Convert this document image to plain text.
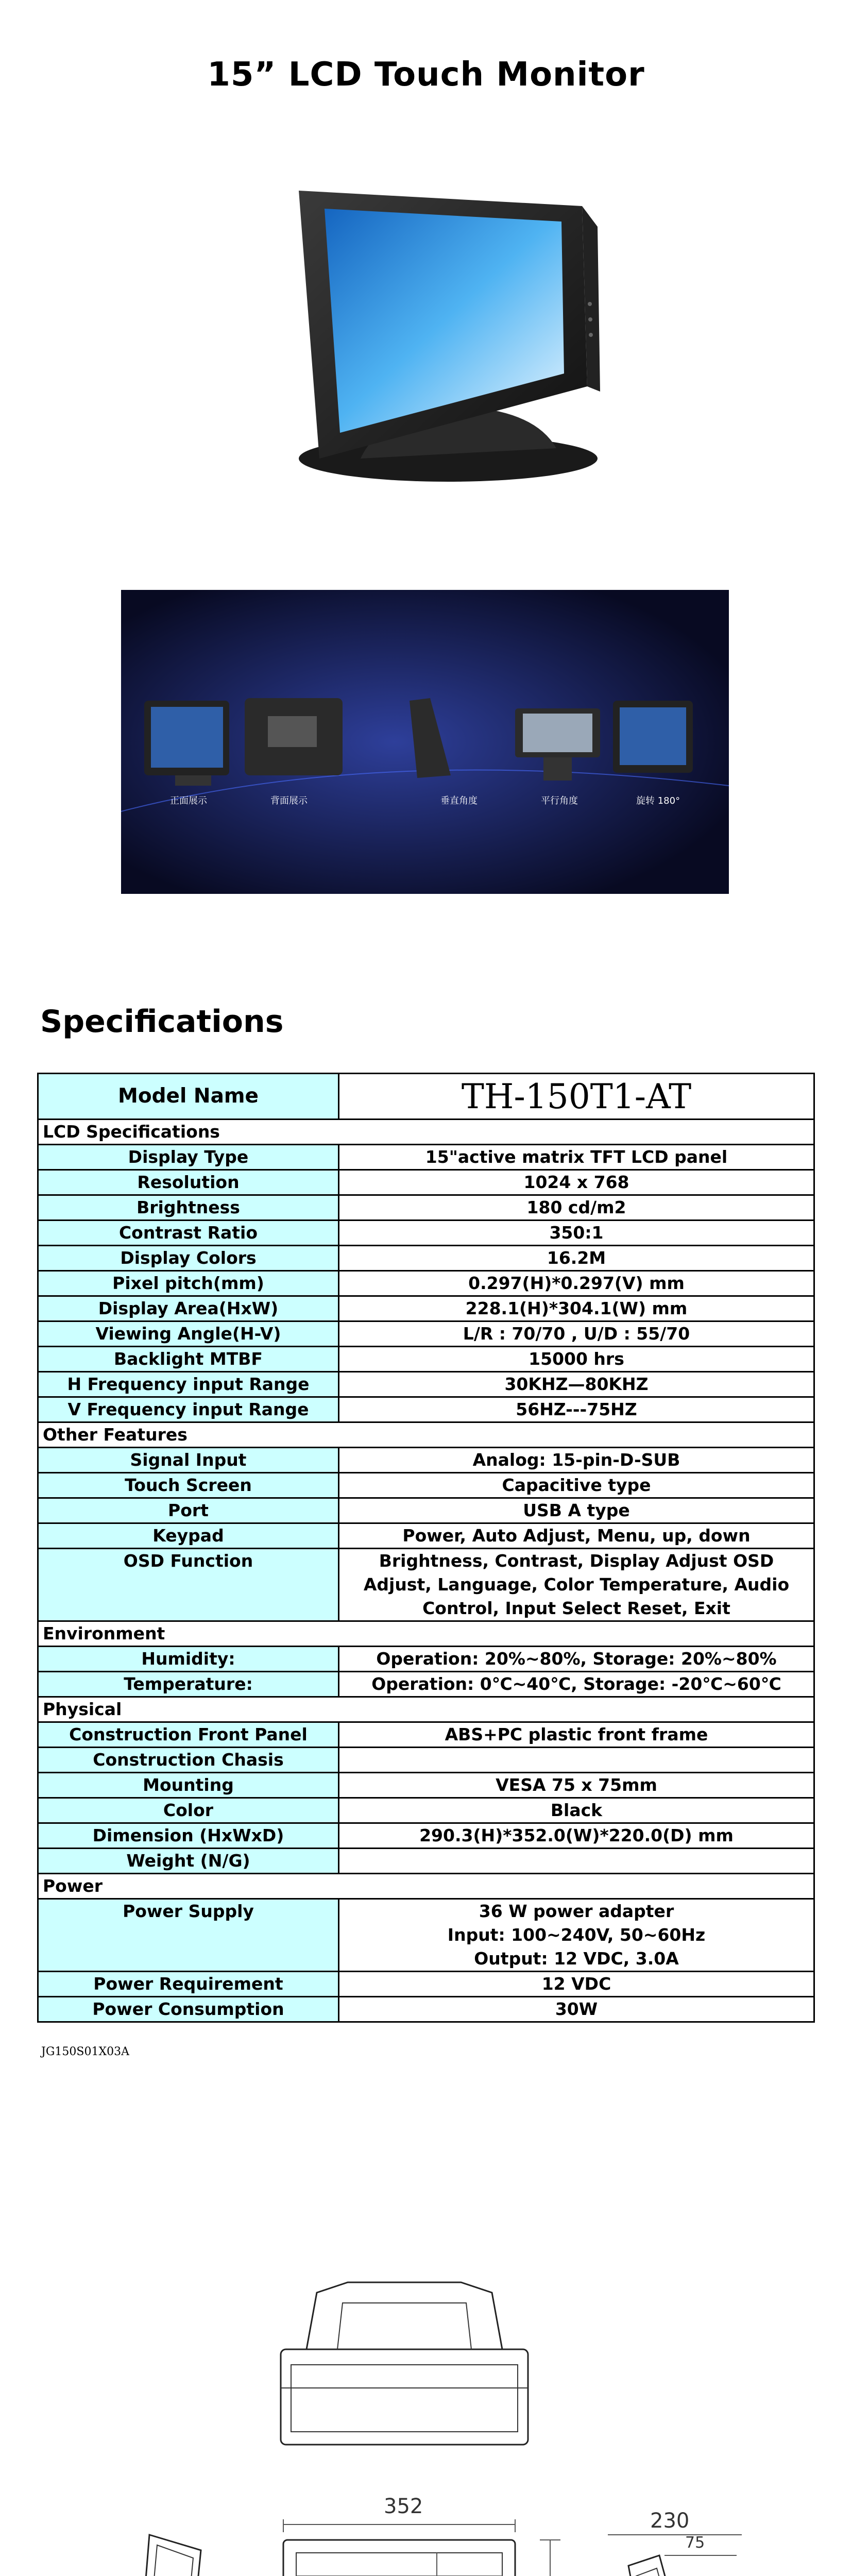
15” LCD Touch Monitor
正面展示	背面展示	垂直角度	平行角度	旋转 180°
Specifications
Model Name	TH-150T1-AT
LCD Specifications	
Display Type	15"active matrix TFT LCD panel
Resolution	1024 x 768
Brightness	180 cd/m2
Contrast Ratio	350:1
Display Colors	16.2M
Pixel pitch(mm)	0.297(H)*0.297(V) mm
Display Area(HxW)	228.1(H)*304.1(W) mm
Viewing Angle(H-V)	L/R : 70/70 , U/D : 55/70
Backlight MTBF	15000 hrs
H Frequency input Range	30KHZ—80KHZ
V Frequency input Range	56HZ---75HZ
Other Features	
Signal Input	Analog: 15-pin-D-SUB
Touch Screen	Capacitive type
Port	USB A type
Keypad	Power, Auto Adjust, Menu, up, down
OSD Function	Brightness, Contrast, Display Adjust OSD Adjust, Language, Color Temperature, Audio Control, Input Select Reset, Exit
Environment	
Humidity:	Operation: 20%~80%, Storage: 20%~80%
Temperature:	Operation: 0℃~40℃, Storage: -20℃~60℃
Physical	
Construction Front Panel	ABS+PC plastic front frame
Construction Chasis	
Mounting	VESA 75 x 75mm
Color	Black
Dimension (HxWxD)	290.3(H)*352.0(W)*220.0(D) mm
Weight (N/G)	
Power	
Power Supply	36 W power adapter
Input: 100~240V, 50~60Hz
Output: 12 VDC, 3.0A
Power Requirement	12 VDC
Power Consumption	30W
JG150S01X03A
352
230
75
